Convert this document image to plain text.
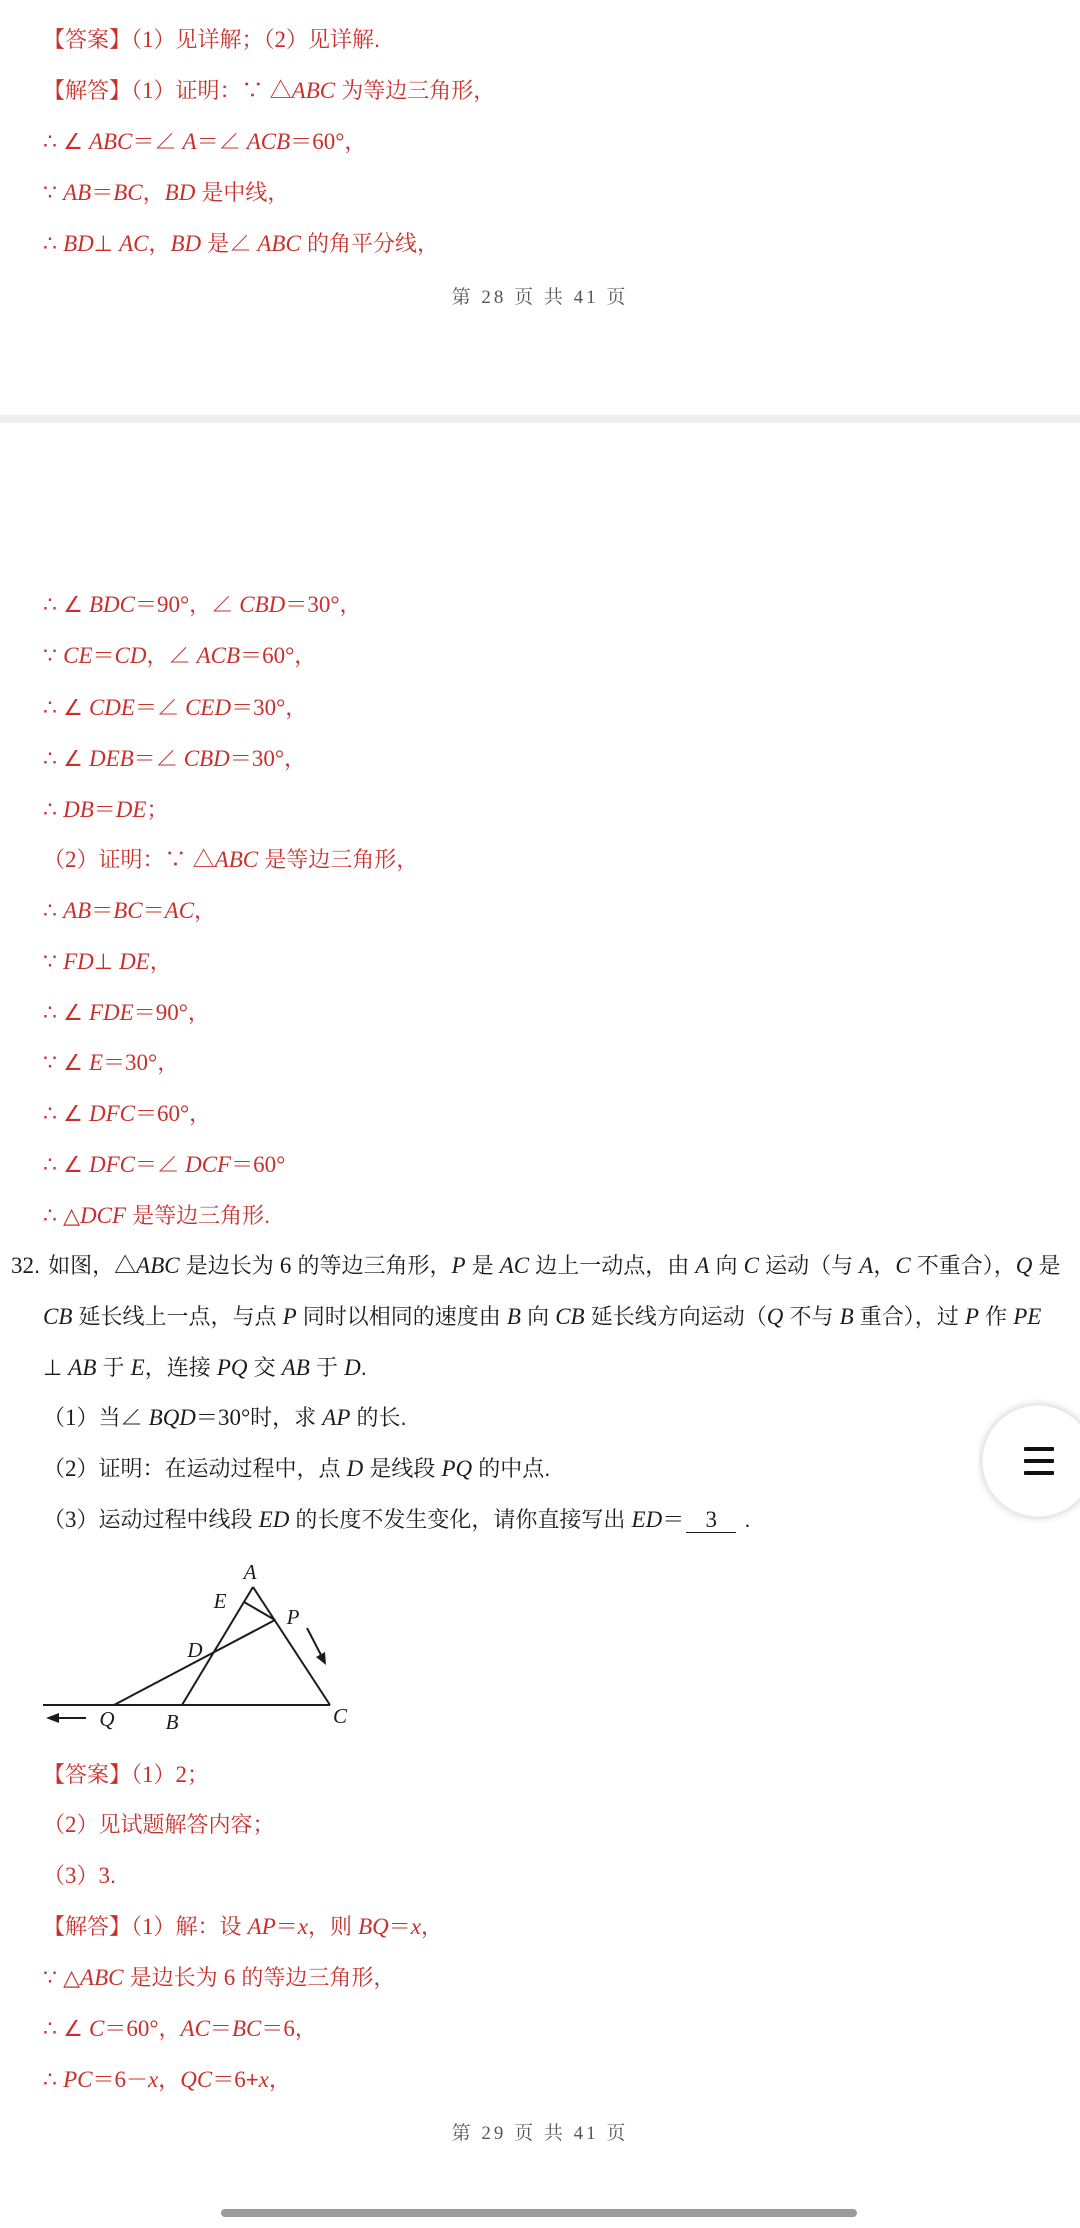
【答案】（1）见详解；（2）见详解.
【解答】（1）证明：∵ △ABC 为等边三角形，
∴ ∠ ABC＝∠ A＝∠ ACB＝60°，
∵ AB＝BC，BD 是中线，
∴ BD⊥ AC，BD 是∠ ABC 的角平分线，
第 28 页 共 41 页
∴ ∠ BDC＝90°，∠ CBD＝30°，
∵ CE＝CD，∠ ACB＝60°，
∴ ∠ CDE＝∠ CED＝30°，
∴ ∠ DEB＝∠ CBD＝30°，
∴ DB＝DE；
（2）证明：∵ △ABC 是等边三角形，
∴ AB＝BC＝AC，
∵ FD⊥ DE，
∴ ∠ FDE＝90°，
∵ ∠ E＝30°，
∴ ∠ DFC＝60°，
∴ ∠ DFC＝∠ DCF＝60°
∴ △DCF 是等边三角形.
32. 如图，△ABC 是边长为 6 的等边三角形，P 是 AC 边上一动点，由 A 向 C 运动（与 A，C 不重合），Q 是
CB 延长线上一点，与点 P 同时以相同的速度由 B 向 CB 延长线方向运动（Q 不与 B 重合），过 P 作 PE
⊥ AB 于 E，连接 PQ 交 AB 于 D.
（1）当∠ BQD＝30°时，求 AP 的长.
（2）证明：在运动过程中，点 D 是线段 PQ 的中点.
（3）运动过程中线段 ED 的长度不发生变化，请你直接写出 ED＝ 3 .
A
E
P
D
Q B	C
【答案】（1）2；
（2）见试题解答内容；
（3）3.
【解答】（1）解：设 AP＝x，则 BQ＝x，
∵ △ABC 是边长为 6 的等边三角形，
∴ ∠ C＝60°，AC＝BC＝6，
∴ PC＝6－x，QC＝6+x，
第 29 页 共 41 页
